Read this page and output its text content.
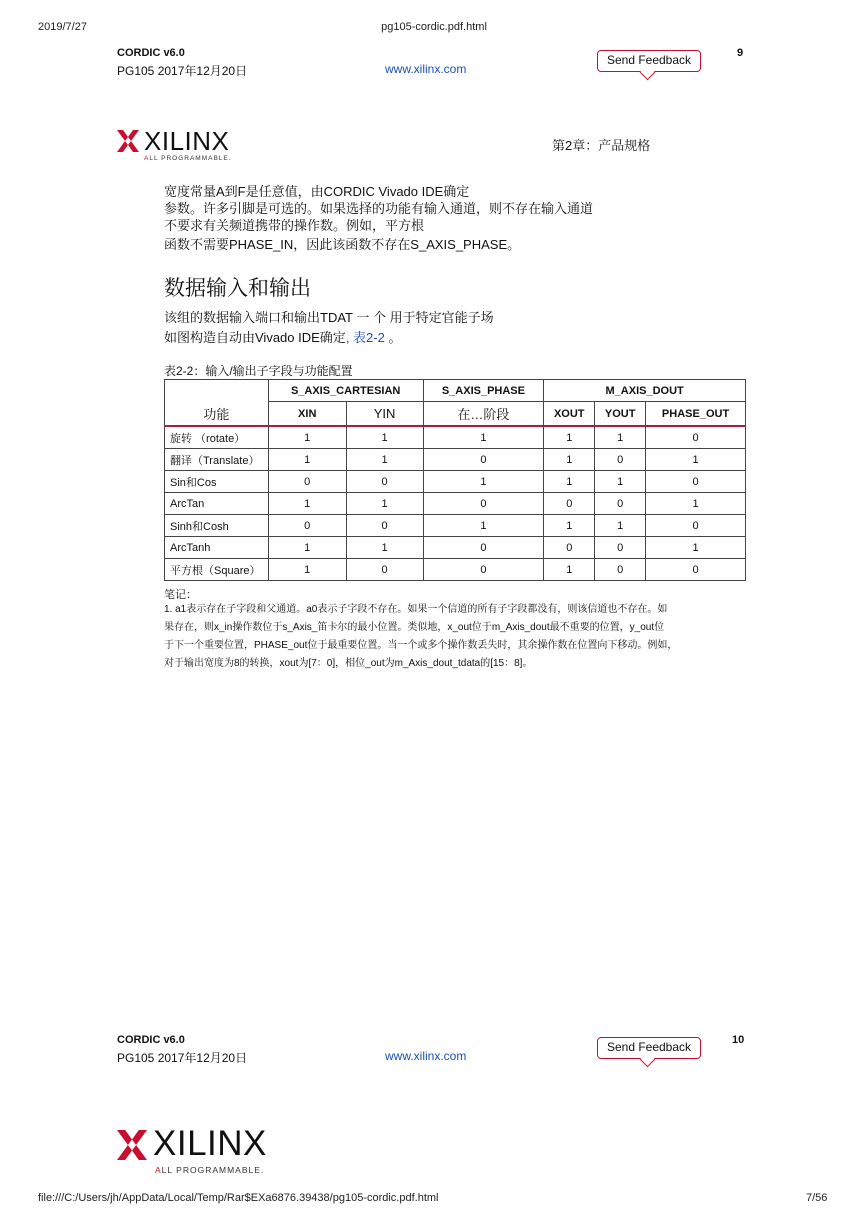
2019/7/27	pg105-cordic.pdf.html
CORDIC v6.0
PG105 2017年12月20日	www.xilinx.com
Send Feedback	9
XILINX
ALL PROGRAMMABLE.
第2章：产品规格
宽度常量A到F是任意值，由CORDIC Vivado IDE确定
参数。许多引脚是可选的。如果选择的功能有输入通道，则不存在输入通道
不要求有关频道携带的操作数。例如，平方根
函数不需要PHASE_IN，因此该函数不存在S_AXIS_PHASE。
数据输入和输出
该组的数据输入端口和输出TDAT 一 个 用于特定官能子场
如图构造自动由Vivado IDE确定, 表2-2 。
表2-2：输入/输出子字段与功能配置
	S_AXIS_CARTESIAN		S_AXIS_PHASE	M_AXIS_DOUT		
功能	XIN	YIN	在…阶段	XOUT	YOUT	PHASE_OUT
旋转 （rotate）	1	1	1	1	1	0
翻译（Translate）	1	1	0	1	0	1
Sin和Cos	0	0	1	1	1	0
ArcTan	1	1	0	0	0	1
Sinh和Cosh	0	0	1	1	1	0
ArcTanh	1	1	0	0	0	1
平方根（Square）	1	0	0	1	0	0
笔记：
1. a1表示存在子字段和父通道。a0表示子字段不存在。如果一个信道的所有子字段都没有，则该信道也不存在。如
果存在，则x_in操作数位于s_Axis_笛卡尔的最小位置。类似地，x_out位于m_Axis_dout最不重要的位置，y_out位
于下一个重要位置，PHASE_out位于最重要位置。当一个或多个操作数丢失时，其余操作数在位置向下移动。例如，
对于输出宽度为8的转换，xout为[7：0]，相位_out为m_Axis_dout_tdata的[15：8]。
CORDIC v6.0
PG105 2017年12月20日	www.xilinx.com
Send Feedback	10
XILINX
ALL PROGRAMMABLE.
file:///C:/Users/jh/AppData/Local/Temp/Rar$EXa6876.39438/pg105-cordic.pdf.html	7/56
